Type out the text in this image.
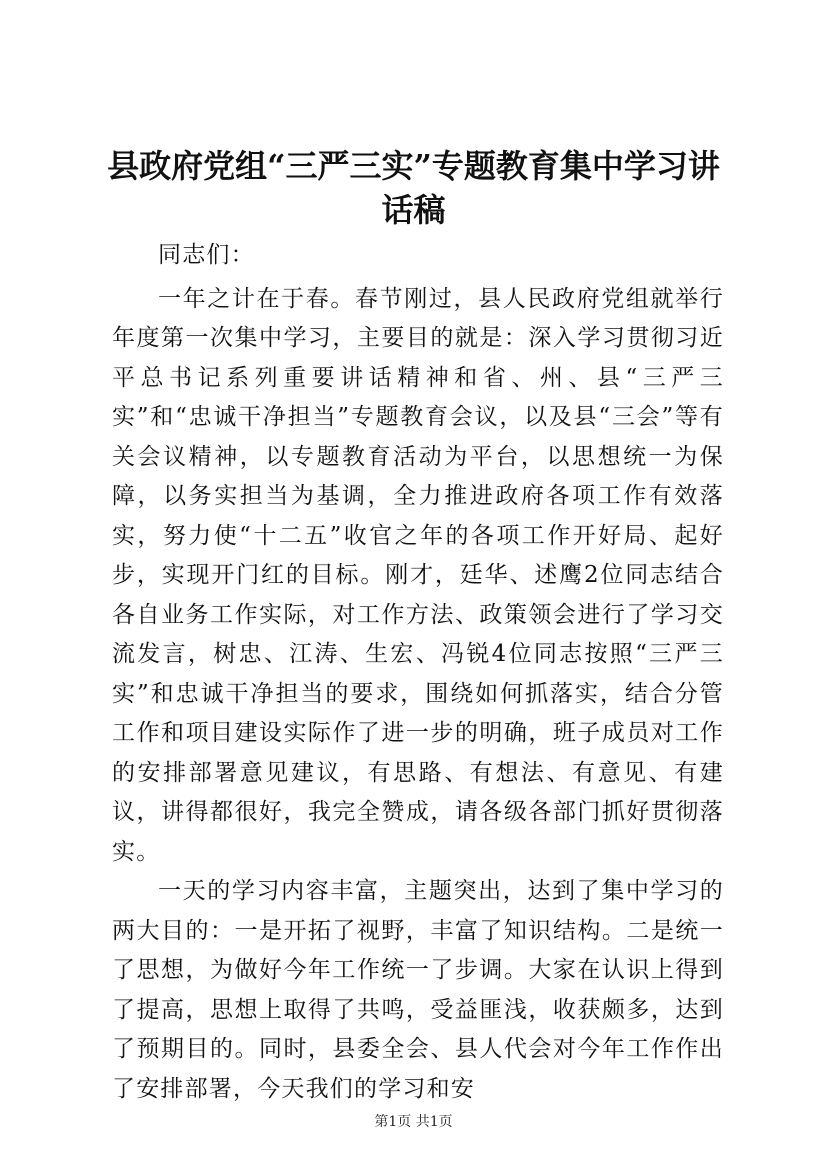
县政府党组“三严三实”专题教育集中学习讲话稿

同志们：

一年之计在于春。春节刚过，县人民政府党组就举行年度第一次集中学习，主要目的就是：深入学习贯彻习近平总书记系列重要讲话精神和省、州、县“三严三实”和“忠诚干净担当”专题教育会议，以及县“三会”等有关会议精神，以专题教育活动为平台，以思想统一为保障，以务实担当为基调，全力推进政府各项工作有效落实，努力使“十二五”收官之年的各项工作开好局、起好步，实现开门红的目标。刚才，廷华、述鹰2位同志结合各自业务工作实际，对工作方法、政策领会进行了学习交流发言，树忠、江涛、生宏、冯锐4位同志按照“三严三实”和忠诚干净担当的要求，围绕如何抓落实，结合分管工作和项目建设实际作了进一步的明确，班子成员对工作的安排部署意见建议，有思路、有想法、有意见、有建议，讲得都很好，我完全赞成，请各级各部门抓好贯彻落实。

一天的学习内容丰富，主题突出，达到了集中学习的两大目的：一是开拓了视野，丰富了知识结构。二是统一了思想，为做好今年工作统一了步调。大家在认识上得到了提高，思想上取得了共鸣，受益匪浅，收获颇多，达到了预期目的。同时，县委全会、县人代会对今年工作作出了安排部署，今天我们的学习和安

第1页 共1页
